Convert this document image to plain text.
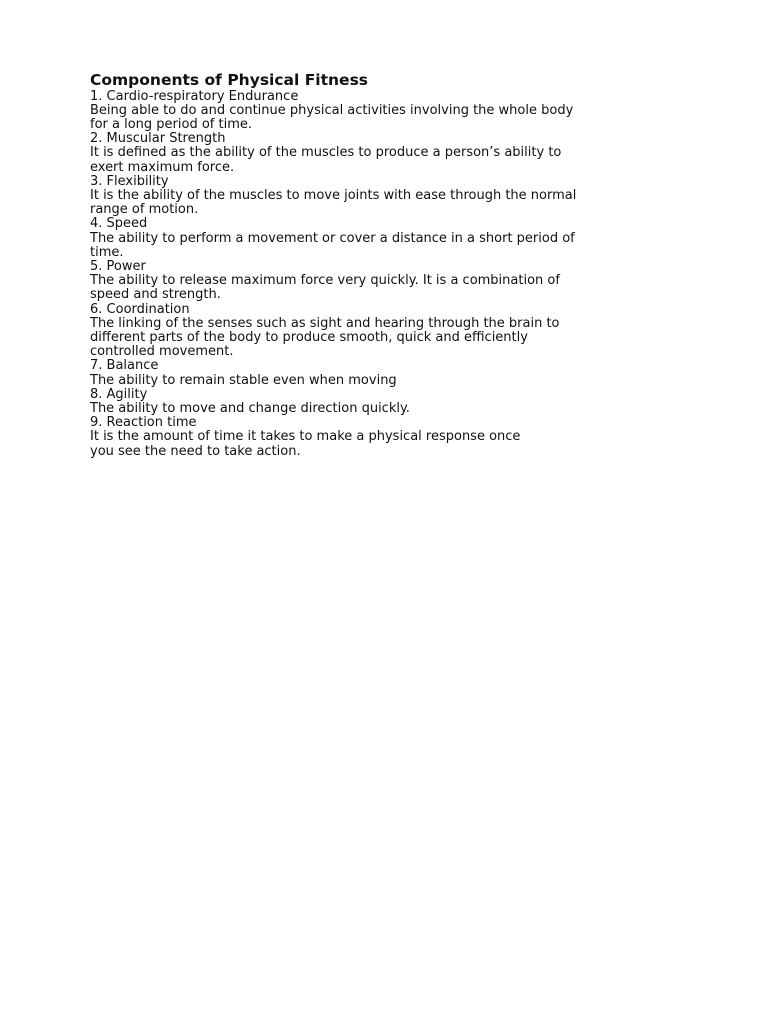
Components of Physical Fitness

1. Cardio-respiratory Endurance

Being able to do and continue physical activities involving the whole body
for a long period of time.

2. Muscular Strength

It is defined as the ability of the muscles to produce a person’s ability to
exert maximum force.

3. Flexibility

It is the ability of the muscles to move joints with ease through the normal
range of motion.

4. Speed

The ability to perform a movement or cover a distance in a short period of
time.

5. Power

The ability to release maximum force very quickly. It is a combination of
speed and strength.

6. Coordination

The linking of the senses such as sight and hearing through the brain to
different parts of the body to produce smooth, quick and efficiently
controlled movement.

7. Balance

The ability to remain stable even when moving

8. Agility

The ability to move and change direction quickly.

9. Reaction time

It is the amount of time it takes to make a physical response once
you see the need to take action.
